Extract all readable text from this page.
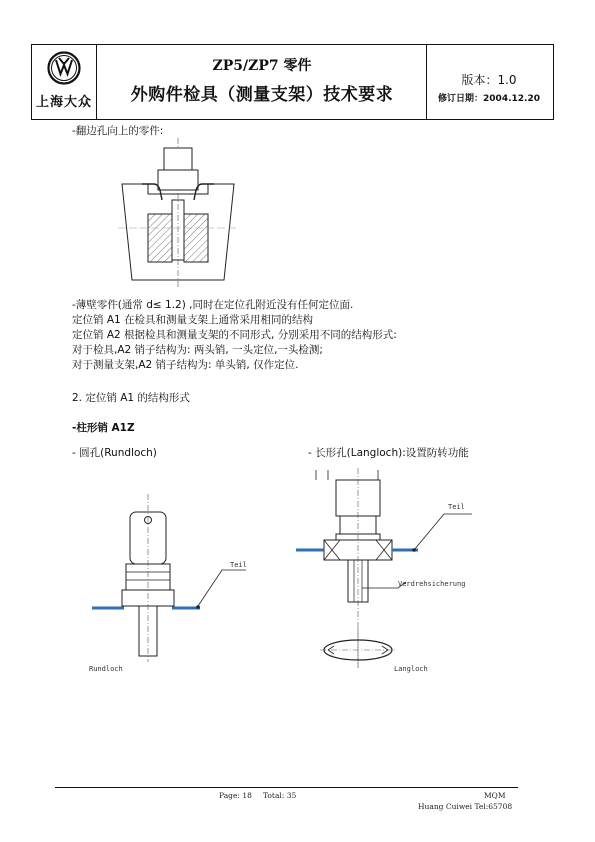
上海大众
ZP5/ZP7 零件
外购件检具（测量支架）技术要求
版本：1.0
修订日期：2004.12.20
-翻边孔向上的零件:
-薄壁零件(通常 d≤ 1.2) ,同时在定位孔附近没有任何定位面.
定位销 A1 在检具和测量支架上通常采用相同的结构
定位销 A2 根据检具和测量支架的不同形式, 分别采用不同的结构形式:
对于检具,A2 销子结构为: 两头销, 一头定位,一头检测;
对于测量支架,A2 销子结构为: 单头销, 仅作定位.
2. 定位销 A1 的结构形式
-柱形销 A1Z
- 圆孔(Rundloch)	- 长形孔(Langloch):设置防转功能
Teil
Rundloch
Teil
Verdrehsicherung
Langloch
Page: 18 Total: 35	MQM
Huang Cuiwei Tel:65708
